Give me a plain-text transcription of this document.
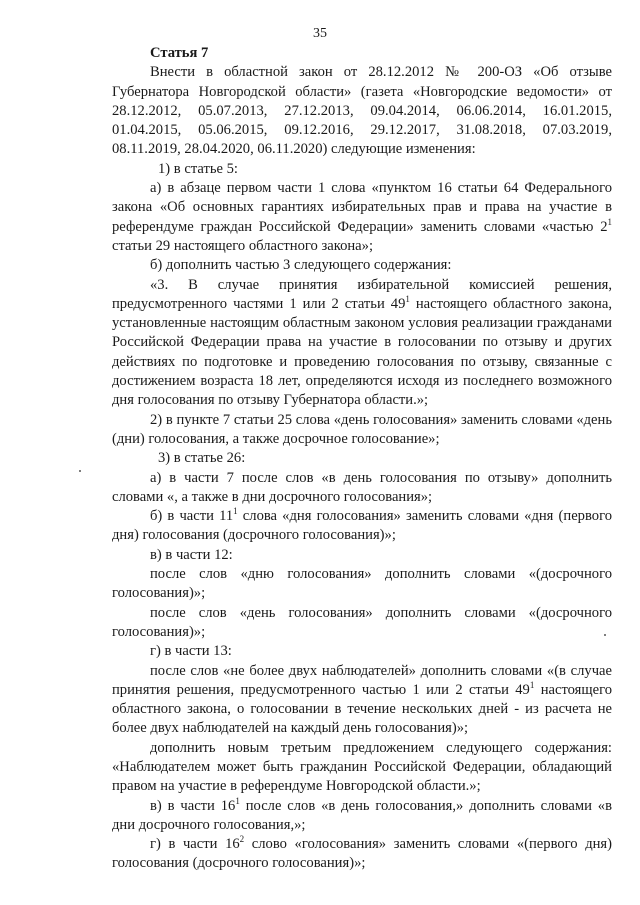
35

Статья 7

Внести в областной закон от 28.12.2012 № 200-ОЗ «Об отзыве Губернатора Новгородской области» (газета «Новгородские ведомости» от 28.12.2012, 05.07.2013, 27.12.2013, 09.04.2014, 06.06.2014, 16.01.2015, 01.04.2015, 05.06.2015, 09.12.2016, 29.12.2017, 31.08.2018, 07.03.2019, 08.11.2019, 28.04.2020, 06.11.2020) следующие изменения:

1) в статье 5:

а) в абзаце первом части 1 слова «пунктом 16 статьи 64 Федерального закона «Об основных гарантиях избирательных прав и права на участие в референдуме граждан Российской Федерации» заменить словами «частью $2^1$ статьи 29 настоящего областного закона»;

б) дополнить частью 3 следующего содержания:

«3. В случае принятия избирательной комиссией решения, предусмотренного частями 1 или 2 статьи $49^1$ настоящего областного закона, установленные настоящим областным законом условия реализации гражданами Российской Федерации права на участие в голосовании по отзыву и других действиях по подготовке и проведению голосования по отзыву, связанные с достижением возраста 18 лет, определяются исходя из последнего возможного дня голосования по отзыву Губернатора области.»;

2) в пункте 7 статьи 25 слова «день голосования» заменить словами «день (дни) голосования, а также досрочное голосование»;

3) в статье 26:

а) в части 7 после слов «в день голосования по отзыву» дополнить словами «, а также в дни досрочного голосования»;

б) в части $11^1$ слова «дня голосования» заменить словами «дня (первого дня) голосования (досрочного голосования)»;

в) в части 12:

после слов «дню голосования» дополнить словами «(досрочного голосования)»;

после слов «день голосования» дополнить словами «(досрочного голосования)»;

г) в части 13:

после слов «не более двух наблюдателей» дополнить словами «(в случае принятия решения, предусмотренного частью 1 или 2 статьи $49^1$ настоящего областного закона, о голосовании в течение нескольких дней - из расчета не более двух наблюдателей на каждый день голосования)»;

дополнить новым третьим предложением следующего содержания: «Наблюдателем может быть гражданин Российской Федерации, обладающий правом на участие в референдуме Новгородской области.»;

в) в части $16^1$ после слов «в день голосования,» дополнить словами «в дни досрочного голосования,»;

г) в части $16^2$ слово «голосования» заменить словами «(первого дня) голосования (досрочного голосования)»;
